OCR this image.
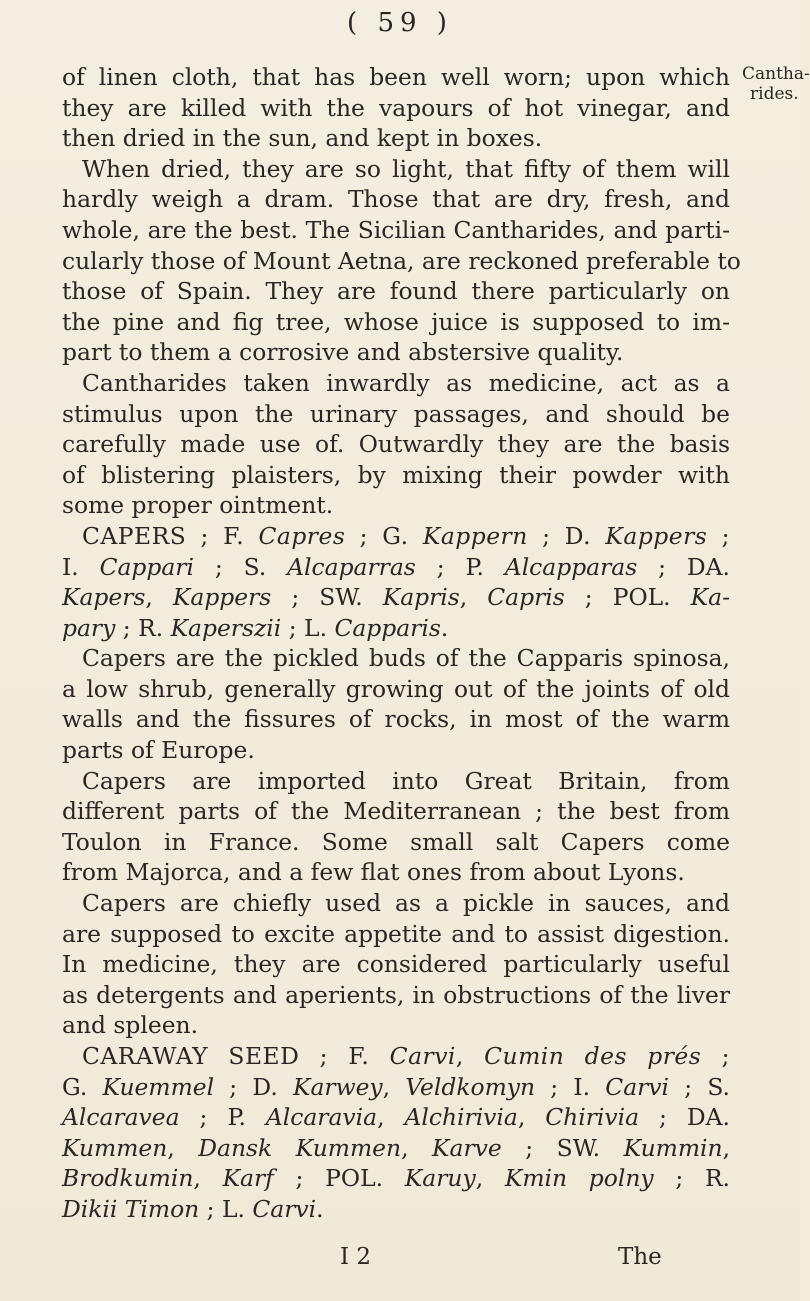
( 59 )
Cantha-
rides.
of linen cloth, that has been well worn; upon which
they are killed with the vapours of hot vinegar, and
then dried in the sun, and kept in boxes.
When dried, they are so light, that fifty of them will
hardly weigh a dram. Those that are dry, fresh, and
whole, are the best. The Sicilian Cantharides, and parti-
cularly those of Mount Aetna, are reckoned preferable to
those of Spain. They are found there particularly on
the pine and fig tree, whose juice is supposed to im-
part to them a corrosive and abstersive quality.
Cantharides taken inwardly as medicine, act as a
stimulus upon the urinary passages, and should be
carefully made use of. Outwardly they are the basis
of blistering plaisters, by mixing their powder with
some proper ointment.
CAPERS ; F. Capres ; G. Kappern ; D. Kappers ;
I. Cappari ; S. Alcaparras ; P. Alcapparas ; DA.
Kapers, Kappers ; SW. Kapris, Capris ; POL. Ka-
pary ; R. Kaperszii ; L. Capparis.
Capers are the pickled buds of the Capparis spinosa,
a low shrub, generally growing out of the joints of old
walls and the fissures of rocks, in most of the warm
parts of Europe.
Capers are imported into Great Britain, from
different parts of the Mediterranean ; the best from
Toulon in France. Some small salt Capers come
from Majorca, and a few flat ones from about Lyons.
Capers are chiefly used as a pickle in sauces, and
are supposed to excite appetite and to assist digestion.
In medicine, they are considered particularly useful
as detergents and aperients, in obstructions of the liver
and spleen.
CARAWAY SEED ; F. Carvi, Cumin des prés ;
G. Kuemmel ; D. Karwey, Veldkomyn ; I. Carvi ; S.
Alcaravea ; P. Alcaravia, Alchirivia, Chirivia ; DA.
Kummen, Dansk Kummen, Karve ; SW. Kummin,
Brodkumin, Karf ; POL. Karuy, Kmin polny ; R.
Dikii Timon ; L. Carvi.
I 2	The
